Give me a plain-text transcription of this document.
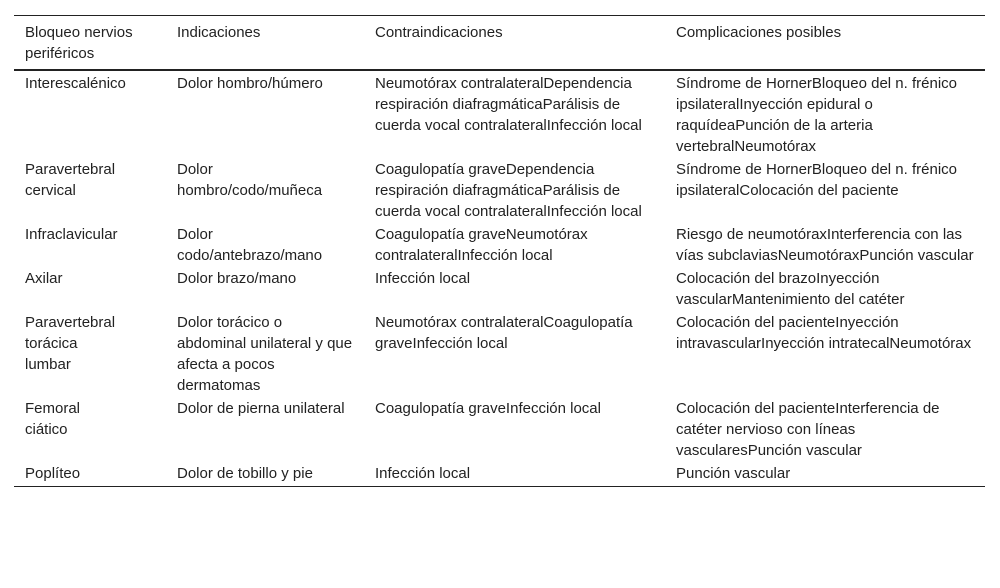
Bloqueo nervios periféricos	Indicaciones	Contraindicaciones	Complicaciones posibles
Interescalénico	Dolor hombro/húmero	Neumotórax contralateralDependencia respiración diafragmáticaParálisis de cuerda vocal contralateralInfección local	Síndrome de HornerBloqueo del n. frénico ipsilateralInyección epidural o raquídeaPunción de la arteria vertebralNeumotórax
Paravertebral cervical	Dolor hombro/codo/muñeca	Coagulopatía graveDependencia respiración diafragmáticaParálisis de cuerda vocal contralateralInfección local	Síndrome de HornerBloqueo del n. frénico ipsilateralColocación del paciente
Infraclavicular	Dolor codo/antebrazo/mano	Coagulopatía graveNeumotórax contralateralInfección local	Riesgo de neumotóraxInterferencia con las vías subclaviasNeumotóraxPunción vascular
Axilar	Dolor brazo/mano	Infección local	Colocación del brazoInyección vascularMantenimiento del catéter
Paravertebral torácica lumbar	Dolor torácico o abdominal unilateral y que afecta a pocos dermatomas	Neumotórax contralateralCoagulopatía graveInfección local	Colocación del pacienteInyección intravascularInyección intratecalNeumotórax
Femoral ciático	Dolor de pierna unilateral	Coagulopatía graveInfección local	Colocación del pacienteInterferencia de catéter nervioso con líneas vascularesPunción vascular
Poplíteo	Dolor de tobillo y pie	Infección local	Punción vascular
